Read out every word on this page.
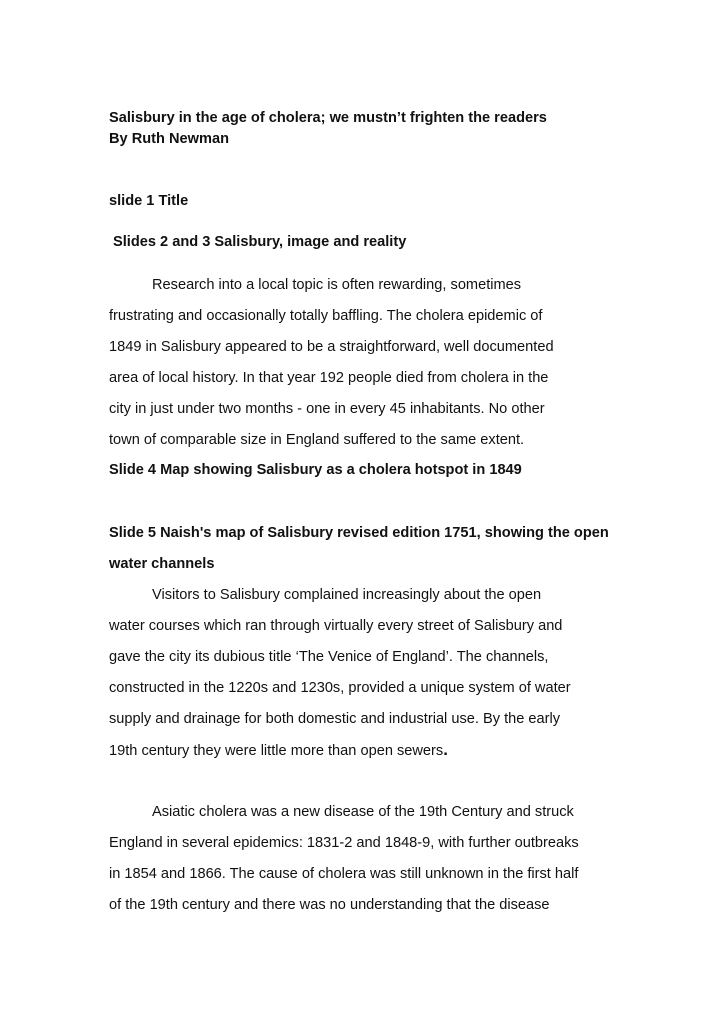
Salisbury in the age of cholera; we mustn’t frighten the readers

By Ruth Newman

slide 1 Title

Slides 2 and 3 Salisbury, image and reality

Research into a local topic is often rewarding, sometimes

frustrating and occasionally totally baffling. The cholera epidemic of

1849 in Salisbury appeared to be a straightforward, well documented

area of local history. In that year 192 people died from cholera in the

city in just under two months - one in every 45 inhabitants. No other

town of comparable size in England suffered to the same extent.

Slide 4 Map showing Salisbury as a cholera hotspot in 1849

Slide 5 Naish's map of Salisbury revised edition 1751, showing the open

water channels

Visitors to Salisbury complained increasingly about the open

water courses which ran through virtually every street of Salisbury and

gave the city its dubious title ‘The Venice of England’. The channels,

constructed in the 1220s and 1230s, provided a unique system of water

supply and drainage for both domestic and industrial use. By the early

19th century they were little more than open sewers.

Asiatic cholera was a new disease of the 19th Century and struck

England in several epidemics: 1831-2 and 1848-9, with further outbreaks

in 1854 and 1866. The cause of cholera was still unknown in the first half

of the 19th century and there was no understanding that the disease
